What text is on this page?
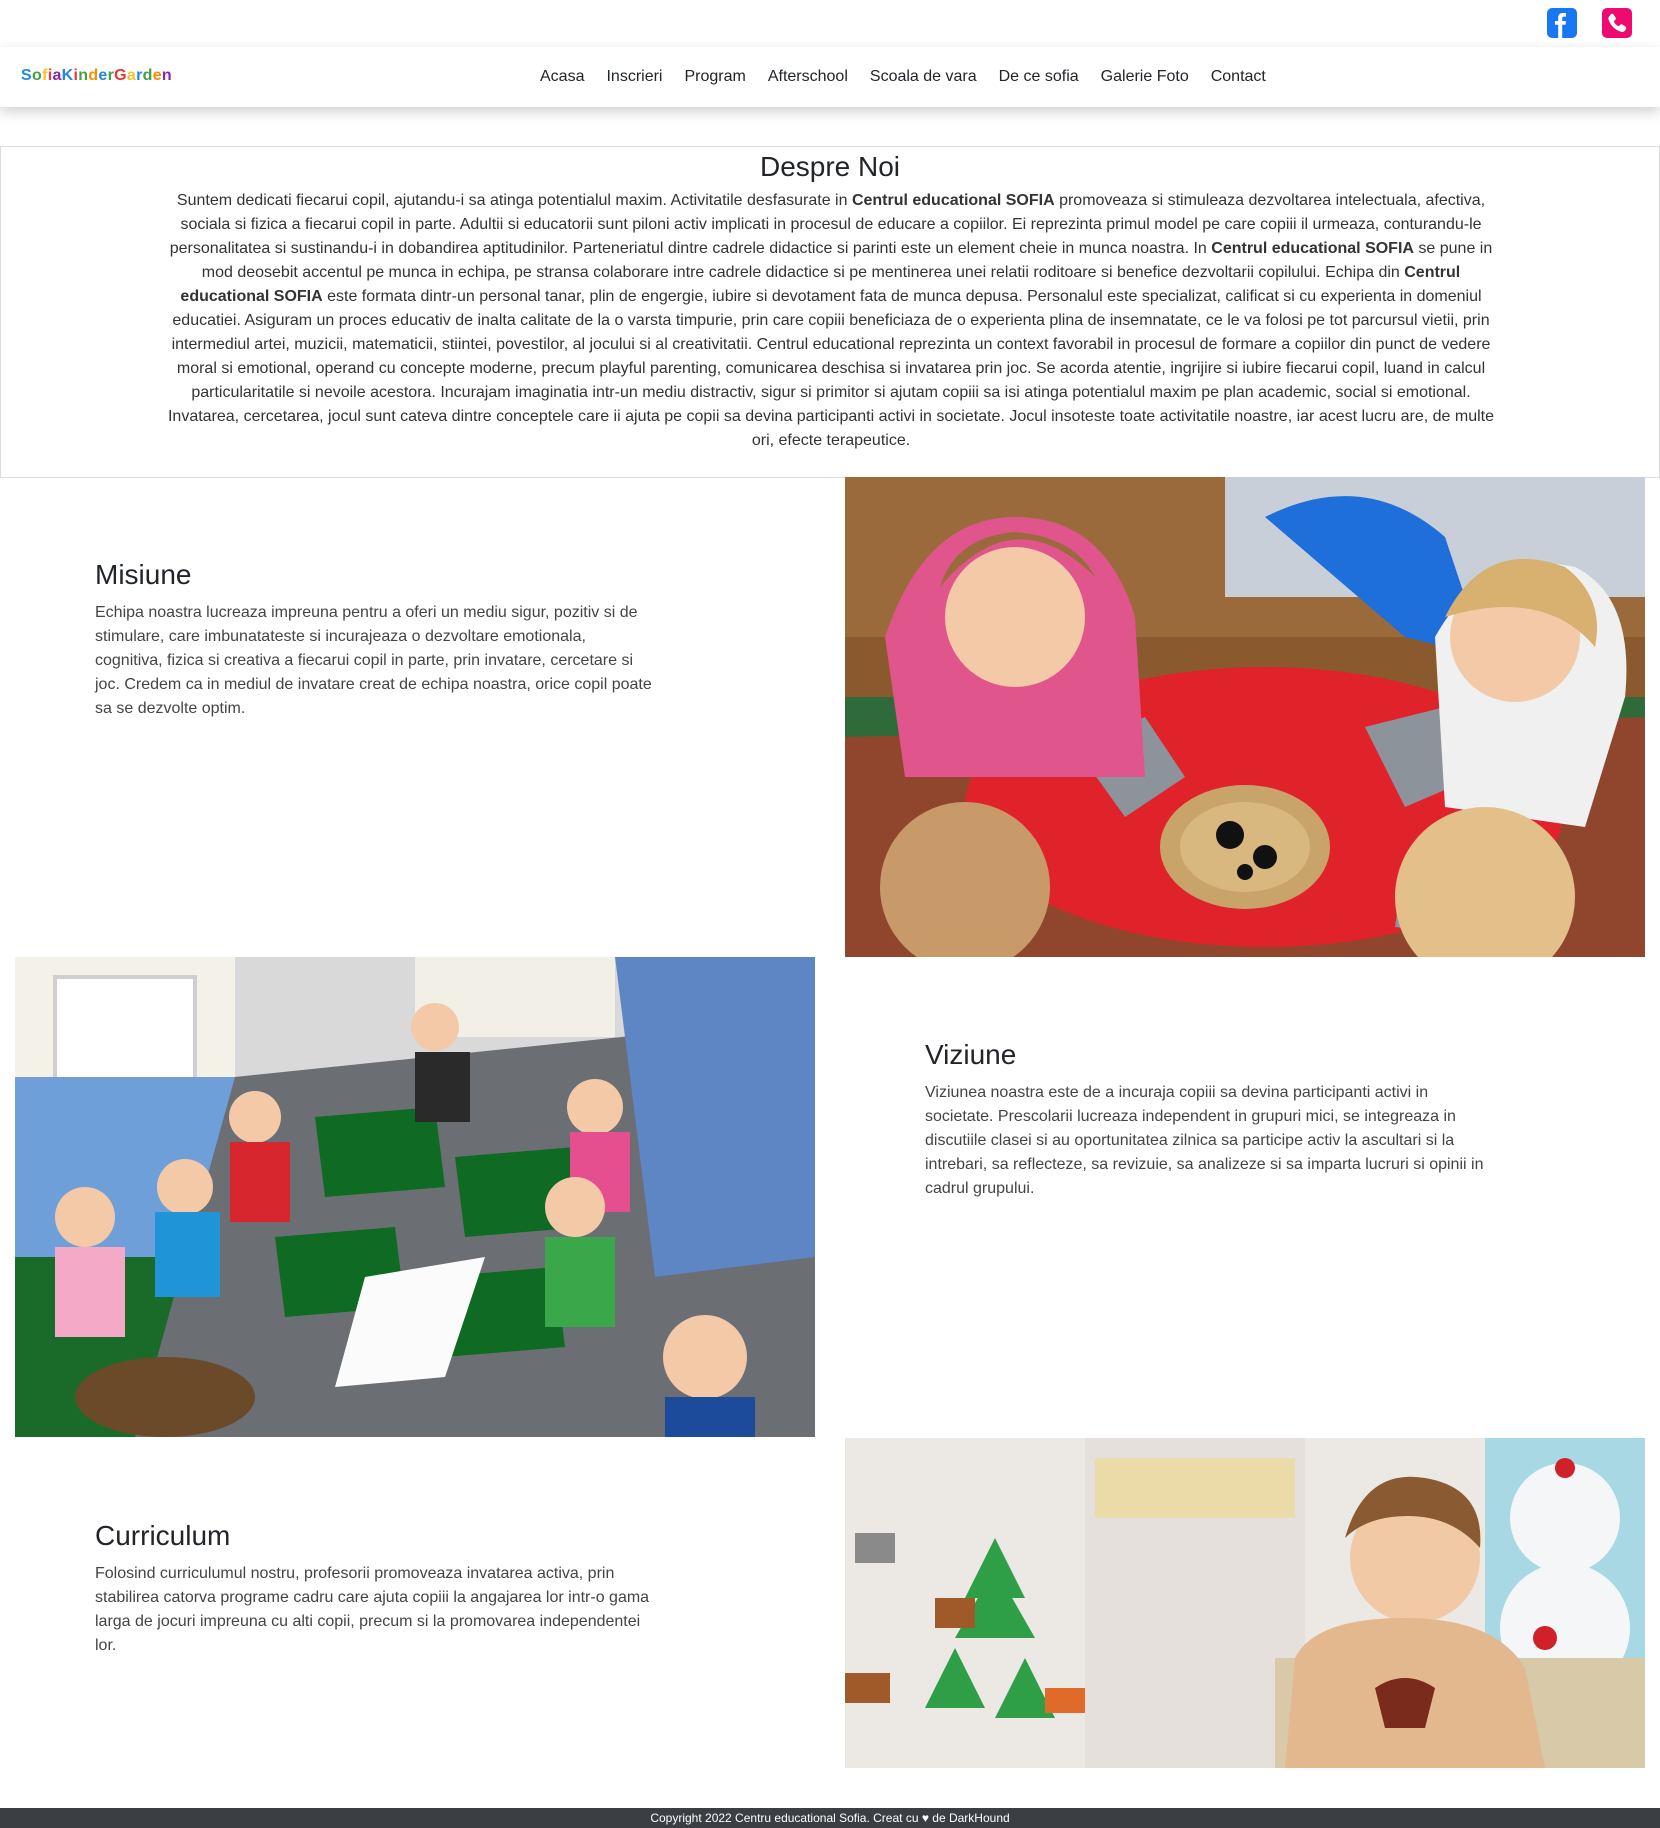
SofiaKinderGarden	Acasa Inscrieri Program Afterschool Scoala de vara De ce sofia Galerie Foto Contact
Despre Noi

Suntem dedicati fiecarui copil, ajutandu-i sa atinga potentialul maxim. Activitatile desfasurate in Centrul educational SOFIA promoveaza si stimuleaza dezvoltarea intelectuala, afectiva, sociala si fizica a fiecarui copil in parte. Adultii si educatorii sunt piloni activ implicati in procesul de educare a copiilor. Ei reprezinta primul model pe care copiii il urmeaza, conturandu-le personalitatea si sustinandu-i in dobandirea aptitudinilor. Parteneriatul dintre cadrele didactice si parinti este un element cheie in munca noastra. In Centrul educational SOFIA se pune in mod deosebit accentul pe munca in echipa, pe stransa colaborare intre cadrele didactice si pe mentinerea unei relatii roditoare si benefice dezvoltarii copilului. Echipa din Centrul educational SOFIA este formata dintr-un personal tanar, plin de engergie, iubire si devotament fata de munca depusa. Personalul este specializat, calificat si cu experienta in domeniul educatiei. Asiguram un proces educativ de inalta calitate de la o varsta timpurie, prin care copiii beneficiaza de o experienta plina de insemnatate, ce le va folosi pe tot parcursul vietii, prin intermediul artei, muzicii, matematicii, stiintei, povestilor, al jocului si al creativitatii. Centrul educational reprezinta un context favorabil in procesul de formare a copiilor din punct de vedere moral si emotional, operand cu concepte moderne, precum playful parenting, comunicarea deschisa si invatarea prin joc. Se acorda atentie, ingrijire si iubire fiecarui copil, luand in calcul particularitatile si nevoile acestora. Incurajam imaginatia intr-un mediu distractiv, sigur si primitor si ajutam copiii sa isi atinga potentialul maxim pe plan academic, social si emotional. Invatarea, cercetarea, jocul sunt cateva dintre conceptele care ii ajuta pe copii sa devina participanti activi in societate. Jocul insoteste toate activitatile noastre, iar acest lucru are, de multe ori, efecte terapeutice.

Misiune
Echipa noastra lucreaza impreuna pentru a oferi un mediu sigur, pozitiv si de stimulare, care imbunatateste si incurajeaza o dezvoltare emotionala, cognitiva, fizica si creativa a fiecarui copil in parte, prin invatare, cercetare si joc. Credem ca in mediul de invatare creat de echipa noastra, orice copil poate sa se dezvolte optim.
Viziune
Viziunea noastra este de a incuraja copiii sa devina participanti activi in societate. Prescolarii lucreaza independent in grupuri mici, se integreaza in discutiile clasei si au oportunitatea zilnica sa participe activ la ascultari si la intrebari, sa reflecteze, sa revizuie, sa analizeze si sa imparta lucruri si opinii in cadrul grupului.
Curriculum
Folosind curriculumul nostru, profesorii promoveaza invatarea activa, prin stabilirea catorva programe cadru care ajuta copiii la angajarea lor intr-o gama larga de jocuri impreuna cu alti copii, precum si la promovarea independentei lor.
Copyright 2022 Centru educational Sofia. Creat cu ♥ de DarkHound
